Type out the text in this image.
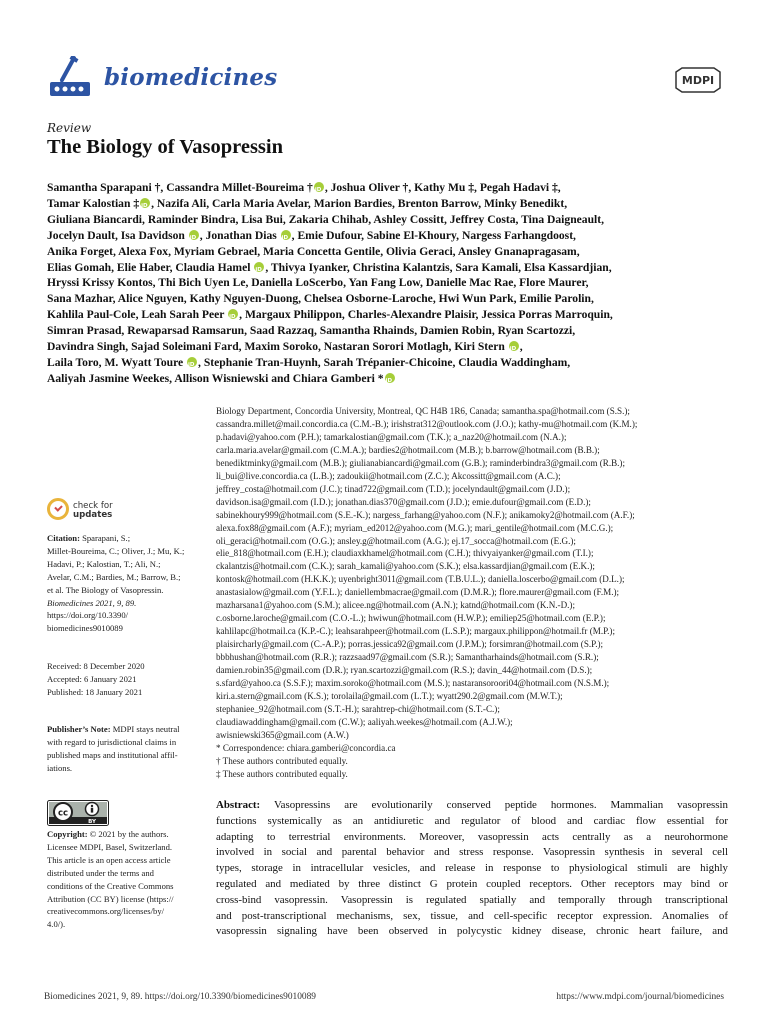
biomedicines	MDPI
Review
The Biology of Vasopressin
Samantha Sparapani †, Cassandra Millet-Boureima † iD , Joshua Oliver †, Kathy Mu ‡, Pegah Hadavi ‡,
Tamar Kalostian ‡ iD , Nazifa Ali, Carla Maria Avelar, Marion Bardies, Brenton Barrow, Minky Benedikt,
Giuliana Biancardi, Raminder Bindra, Lisa Bui, Zakaria Chihab, Ashley Cossitt, Jeffrey Costa, Tina Daigneault,
Jocelyn Dault, Isa Davidson iD, Jonathan Dias iD, Emie Dufour, Sabine El-Khoury, Nargess Farhangdoost,
Anika Forget, Alexa Fox, Myriam Gebrael, Maria Concetta Gentile, Olivia Geraci, Ansley Gnanapragasam,
Elias Gomah, Elie Haber, Claudia Hamel iD, Thivya Iyanker, Christina Kalantzis, Sara Kamali, Elsa Kassardjian,
Hryssi Krissy Kontos, Thi Bich Uyen Le, Daniella LoScerbo, Yan Fang Low, Danielle Mac Rae, Flore Maurer,
Sana Mazhar, Alice Nguyen, Kathy Nguyen-Duong, Chelsea Osborne-Laroche, Hwi Wun Park, Emilie Parolin,
Kahlila Paul-Cole, Leah Sarah Peer iD, Margaux Philippon, Charles-Alexandre Plaisir, Jessica Porras Marroquin,
Simran Prasad, Rewaparsad Ramsarun, Saad Razzaq, Samantha Rhainds, Damien Robin, Ryan Scartozzi,
Davindra Singh, Sajad Soleimani Fard, Maxim Soroko, Nastaran Sorori Motlagh, Kiri Stern iD,
Laila Toro, M. Wyatt Toure iD, Stephanie Tran-Huynh, Sarah Trépanier-Chicoine, Claudia Waddingham,
Aaliyah Jasmine Weekes, Allison Wisniewski and Chiara Gamberi *iD
Biology Department, Concordia University, Montreal, QC H4B 1R6, Canada; samantha.spa@hotmail.com (S.S.);
cassandra.millet@mail.concordia.ca (C.M.-B.); irishstrat312@outlook.com (J.O.); kathy-mu@hotmail.com (K.M.);
p.hadavi@yahoo.com (P.H.); tamarkalostian@gmail.com (T.K.); a_naz20@hotmail.com (N.A.);
carla.maria.avelar@gmail.com (C.M.A.); bardies2@hotmail.com (M.B.); b.barrow@hotmail.com (B.B.);
benediktminky@gmail.com (M.B.); giulianabiancardi@gmail.com (G.B.); raminderbindra3@gmail.com (R.B.);
li_bui@live.concordia.ca (L.B.); zadoukii@hotmail.com (Z.C.); Akcossitt@gmail.com (A.C.);
jeffrey_costa@hotmail.com (J.C.); tinad722@gmail.com (T.D.); jocelyndault@gmail.com (J.D.);
davidson.isa@gmail.com (I.D.); jonathan.dias370@gmail.com (J.D.); emie.dufour@gmail.com (E.D.);
sabinekhoury999@hotmail.com (S.E.-K.); nargess_farhang@yahoo.com (N.F.); anikamoky2@hotmail.com (A.F.);
alexa.fox88@gmail.com (A.F.); myriam_ed2012@yahoo.com (M.G.); mari_gentile@hotmail.com (M.C.G.);
oli_geraci@hotmail.com (O.G.); ansley.g@hotmail.com (A.G.); ej.17_socca@hotmail.com (E.G.);
elie_818@hotmail.com (E.H.); claudiaxkhamel@hotmail.com (C.H.); thivyaiyanker@gmail.com (T.I.);
ckalantzis@hotmail.com (C.K.); sarah_kamali@yahoo.com (S.K.); elsa.kassardjian@gmail.com (E.K.);
kontosk@hotmail.com (H.K.K.); uyenbright3011@gmail.com (T.B.U.L.); daniella.loscerbo@gmail.com (D.L.);
anastasialow@gmail.com (Y.F.L.); daniellembmacrae@gmail.com (D.M.R.); flore.maurer@gmail.com (F.M.);
mazharsana1@yahoo.com (S.M.); alicee.ng@hotmail.com (A.N.); katnd@hotmail.com (K.N.-D.);
c.osborne.laroche@gmail.com (C.O.-L.); hwiwun@hotmail.com (H.W.P.); emiliep25@hotmail.com (E.P.);
kahlilapc@hotmail.ca (K.P.-C.); leahsarahpeer@hotmail.com (L.S.P.); margaux.philippon@hotmail.fr (M.P.);
plaisircharly@gmail.com (C.-A.P.); porras.jessica92@gmail.com (J.P.M.); forsimran@hotmail.com (S.P.);
bbbhushan@hotmail.com (R.R.); razzsaad97@gmail.com (S.R.); Samantharhainds@hotmail.com (S.R.);
damien.robin35@gmail.com (D.R.); ryan.scartozzi@gmail.com (R.S.); davin_44@hotmail.com (D.S.);
s.sfard@yahoo.ca (S.S.F.); maxim.soroko@hotmail.com (M.S.); nastaransoroori04@hotmail.com (N.S.M.);
kiri.a.stern@gmail.com (K.S.); torolaila@gmail.com (L.T.); wyatt290.2@gmail.com (M.W.T.);
stephaniee_92@hotmail.com (S.T.-H.); sarahtrep-chi@hotmail.com (S.T.-C.);
claudiawaddingham@gmail.com (C.W.); aaliyah.weekes@hotmail.com (A.J.W.);
awisniewski365@gmail.com (A.W.)
* Correspondence: chiara.gamberi@concordia.ca
† These authors contributed equally.
‡ These authors contributed equally.
check for
updates
Citation: Sparapani, S.;
Millet-Boureima, C.; Oliver, J.; Mu, K.;
Hadavi, P.; Kalostian, T.; Ali, N.;
Avelar, C.M.; Bardies, M.; Barrow, B.;
et al. The Biology of Vasopressin.
Biomedicines 2021, 9, 89.
https://doi.org/10.3390/
biomedicines9010089
Received: 8 December 2020
Accepted: 6 January 2021
Published: 18 January 2021
Publisher’s Note: MDPI stays neutral
with regard to jurisdictional claims in
published maps and institutional affil-
iations.
cc
BY
Copyright: © 2021 by the authors.
Licensee MDPI, Basel, Switzerland.
This article is an open access article
distributed under the terms and
conditions of the Creative Commons
Attribution (CC BY) license (https://
creativecommons.org/licenses/by/
4.0/).
Abstract: Vasopressins are evolutionarily conserved peptide hormones. Mammalian vasopressin
functions systemically as an antidiuretic and regulator of blood and cardiac flow essential for
adapting to terrestrial environments. Moreover, vasopressin acts centrally as a neurohormone
involved in social and parental behavior and stress response. Vasopressin synthesis in several cell
types, storage in intracellular vesicles, and release in response to physiological stimuli are highly
regulated and mediated by three distinct G protein coupled receptors. Other receptors may bind or
cross-bind vasopressin. Vasopressin is regulated spatially and temporally through transcriptional
and post-transcriptional mechanisms, sex, tissue, and cell-specific receptor expression. Anomalies of
vasopressin signaling have been observed in polycystic kidney disease, chronic heart failure, and
Biomedicines 2021, 9, 89. https://doi.org/10.3390/biomedicines9010089	https://www.mdpi.com/journal/biomedicines
